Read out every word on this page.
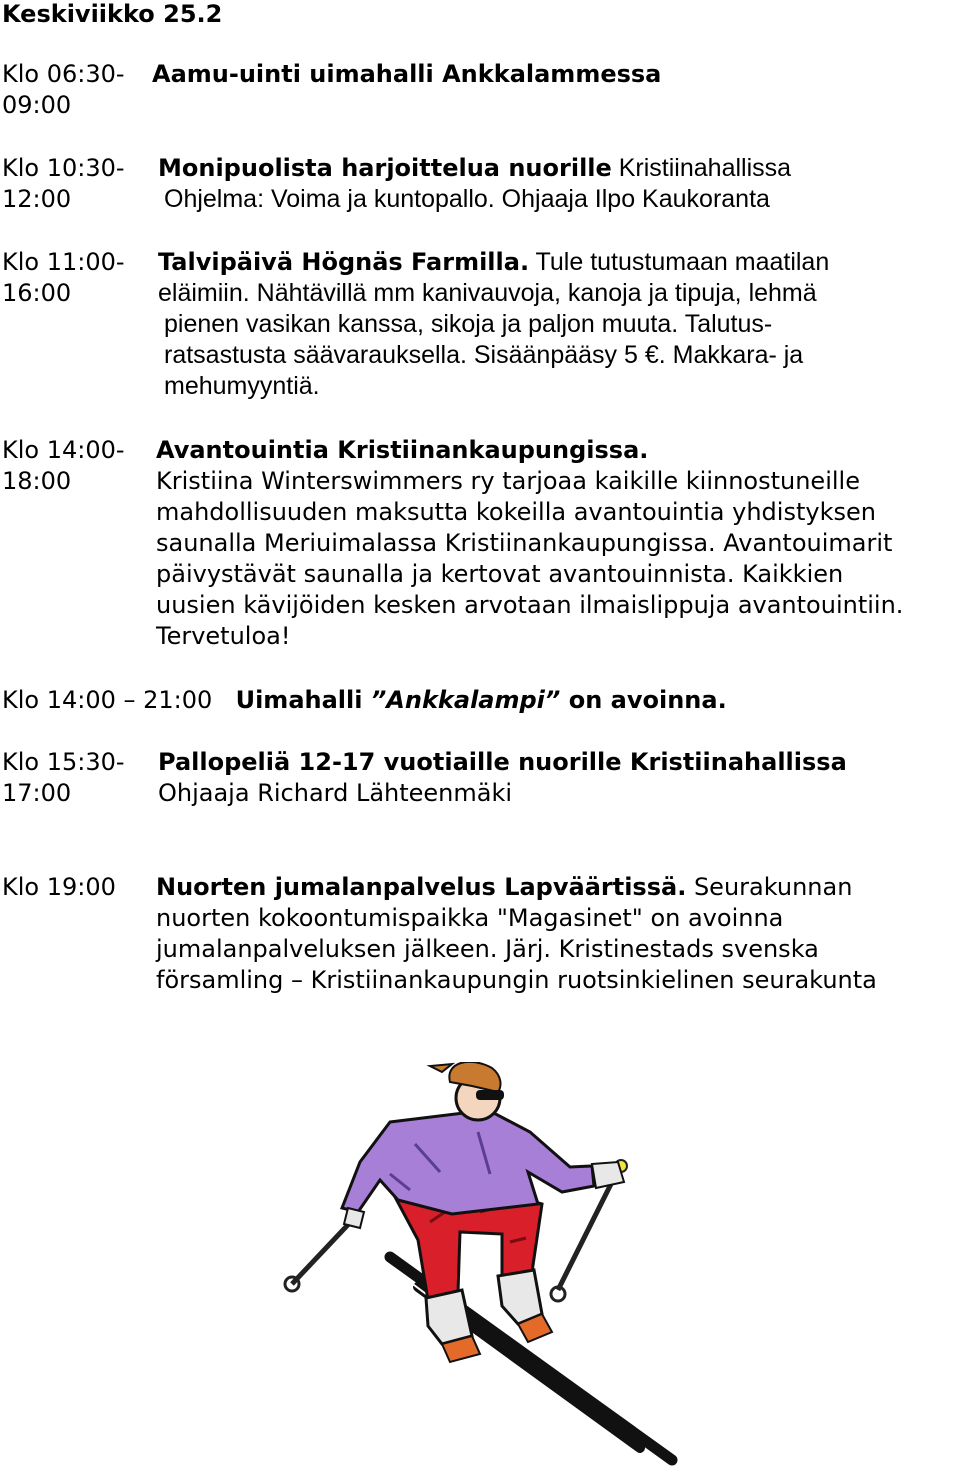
Keskiviikko 25.2
Klo 06:30-
09:00
Aamu-uinti uimahalli Ankkalammessa
Klo 10:30-
12:00
Monipuolista harjoittelua nuorille Kristiinahallissa
Ohjelma: Voima ja kuntopallo. Ohjaaja Ilpo Kaukoranta
Klo 11:00-
16:00
Talvipäivä Högnäs Farmilla. Tule tutustumaan maatilan
eläimiin. Nähtävillä mm kanivauvoja, kanoja ja tipuja, lehmä
pienen vasikan kanssa, sikoja ja paljon muuta. Talutus-
ratsastusta säävarauksella. Sisäänpääsy 5 €. Makkara- ja
mehumyyntiä.
Klo 14:00-
18:00
Avantouintia Kristiinankaupungissa.
Kristiina Winterswimmers ry tarjoaa kaikille kiinnostuneille
mahdollisuuden maksutta kokeilla avantouintia yhdistyksen
saunalla Meriuimalassa Kristiinankaupungissa. Avantouimarit
päivystävät saunalla ja kertovat avantouinnista. Kaikkien
uusien kävijöiden kesken arvotaan ilmaislippuja avantouintiin.
Tervetuloa!
Klo 14:00 – 21:00 Uimahalli ”Ankkalampi” on avoinna.
Klo 15:30-
17:00
Pallopeliä 12-17 vuotiaille nuorille Kristiinahallissa
Ohjaaja Richard Lähteenmäki
Klo 19:00	Nuorten jumalanpalvelus Lapväärtissä. Seurakunnan
nuorten kokoontumispaikka "Magasinet" on avoinna
jumalanpalveluksen jälkeen. Järj. Kristinestads svenska
församling – Kristiinankaupungin ruotsinkielinen seurakunta
